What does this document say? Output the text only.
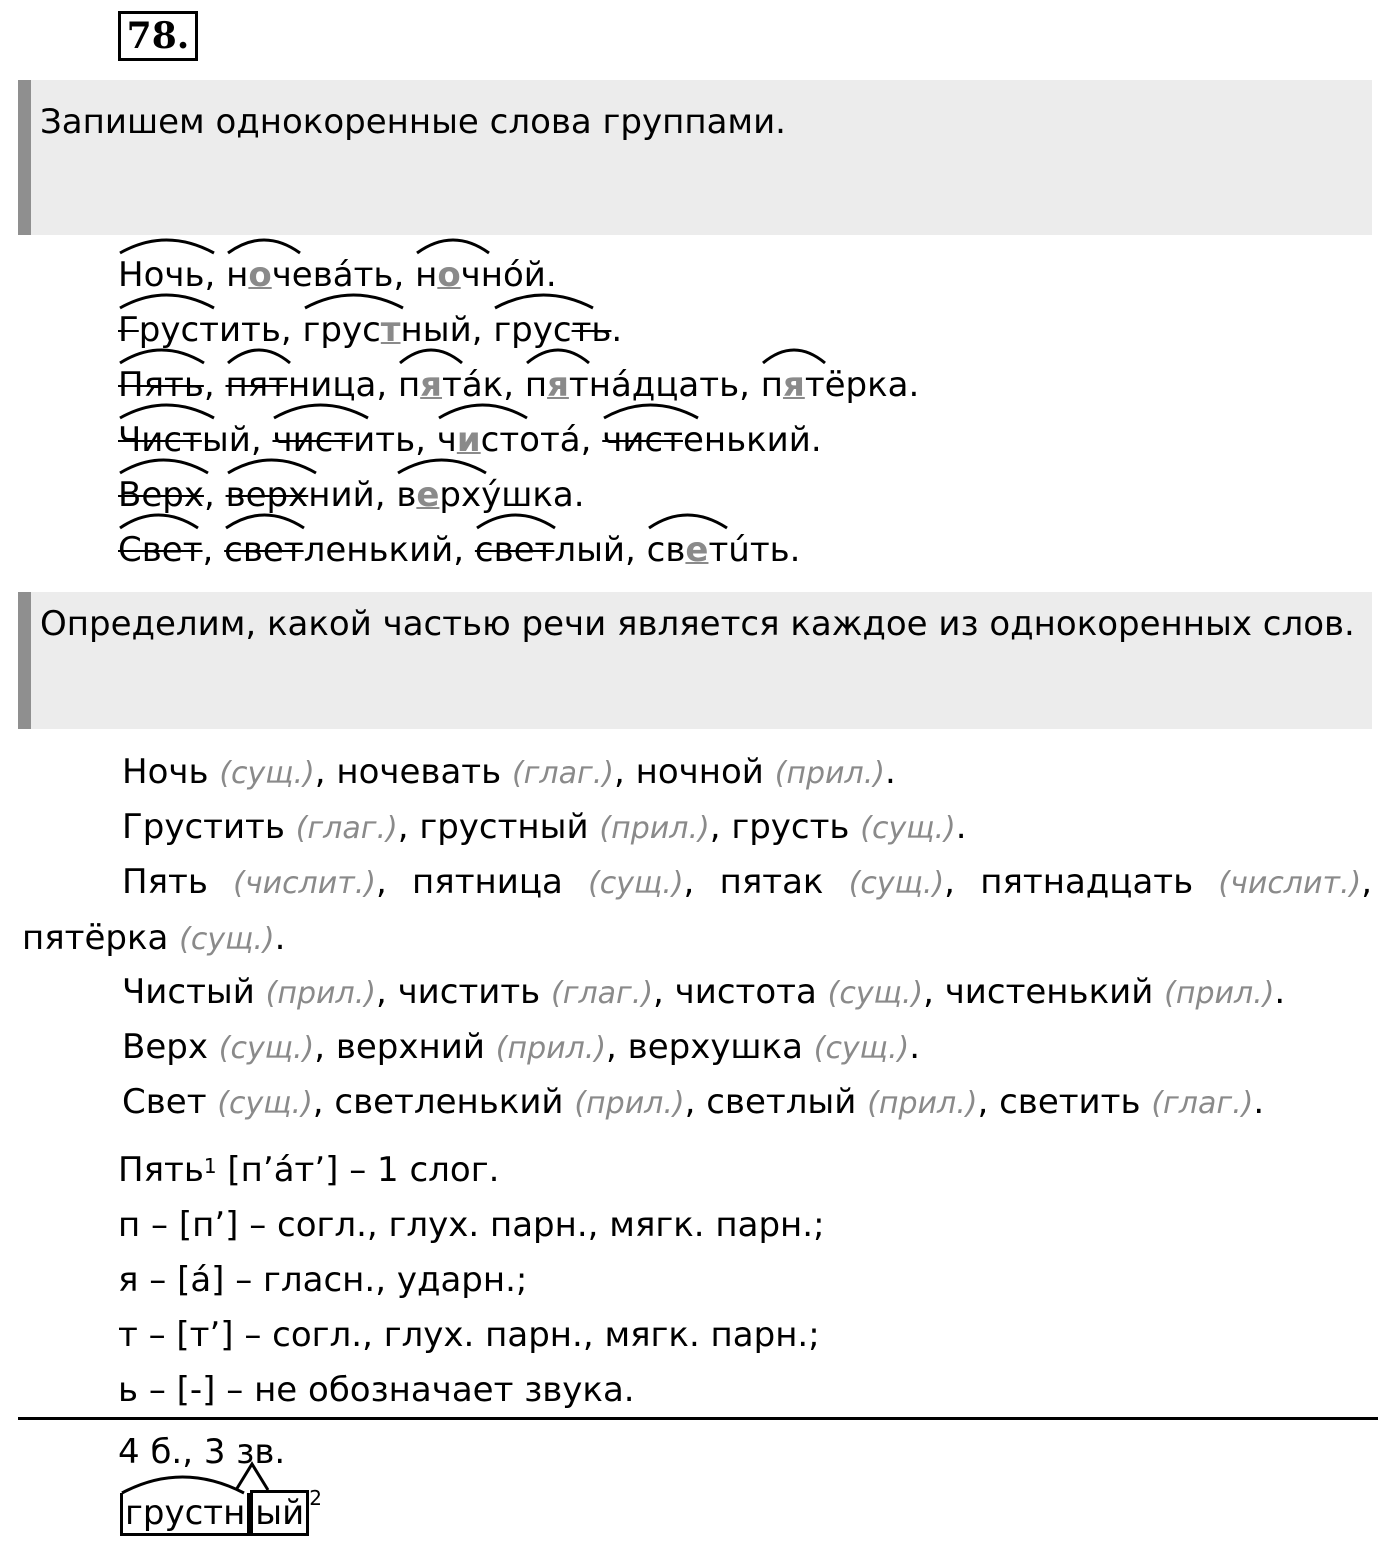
78.
Запишем однокоренные слова группами.
Ночь
, ночевáть
, ночнóй
.
Грустить
, грустный
, грусть
.
Пять
, пятница
, пятáк
, пятнáдцать
, пятёрка
.
Чистый
, чистить
, чистотá
, чистенький
.
Верх
, верхний
, верхýшка
.
Свет
, светленький
, светлый
, светúть
.
Определим, какой частью речи является каждое из однокоренных слов.
Ночь (сущ.), ночевать (глаг.), ночной (прил.).
Грустить (глаг.), грустный (прил.), грусть (сущ.).
Пять (числит.), пятница (сущ.), пятак (сущ.), пятнадцать (числит.), пятёрка (сущ.).
Чистый (прил.), чистить (глаг.), чистота (сущ.), чистенький (прил.).
Верх (сущ.), верхний (прил.), верхушка (сущ.).
Свет (сущ.), светленький (прил.), светлый (прил.), светить (глаг.).
Пять$^1$ [п’áт’] – 1 слог.
п – [п’] – согл., глух. парн., мягк. парн.;
я – [á] – гласн., ударн.;
т – [т’] – согл., глух. парн., мягк. парн.;
ь – [-] – не обозначает звука.
4 б., 3 зв.
грустн ый $^2$
